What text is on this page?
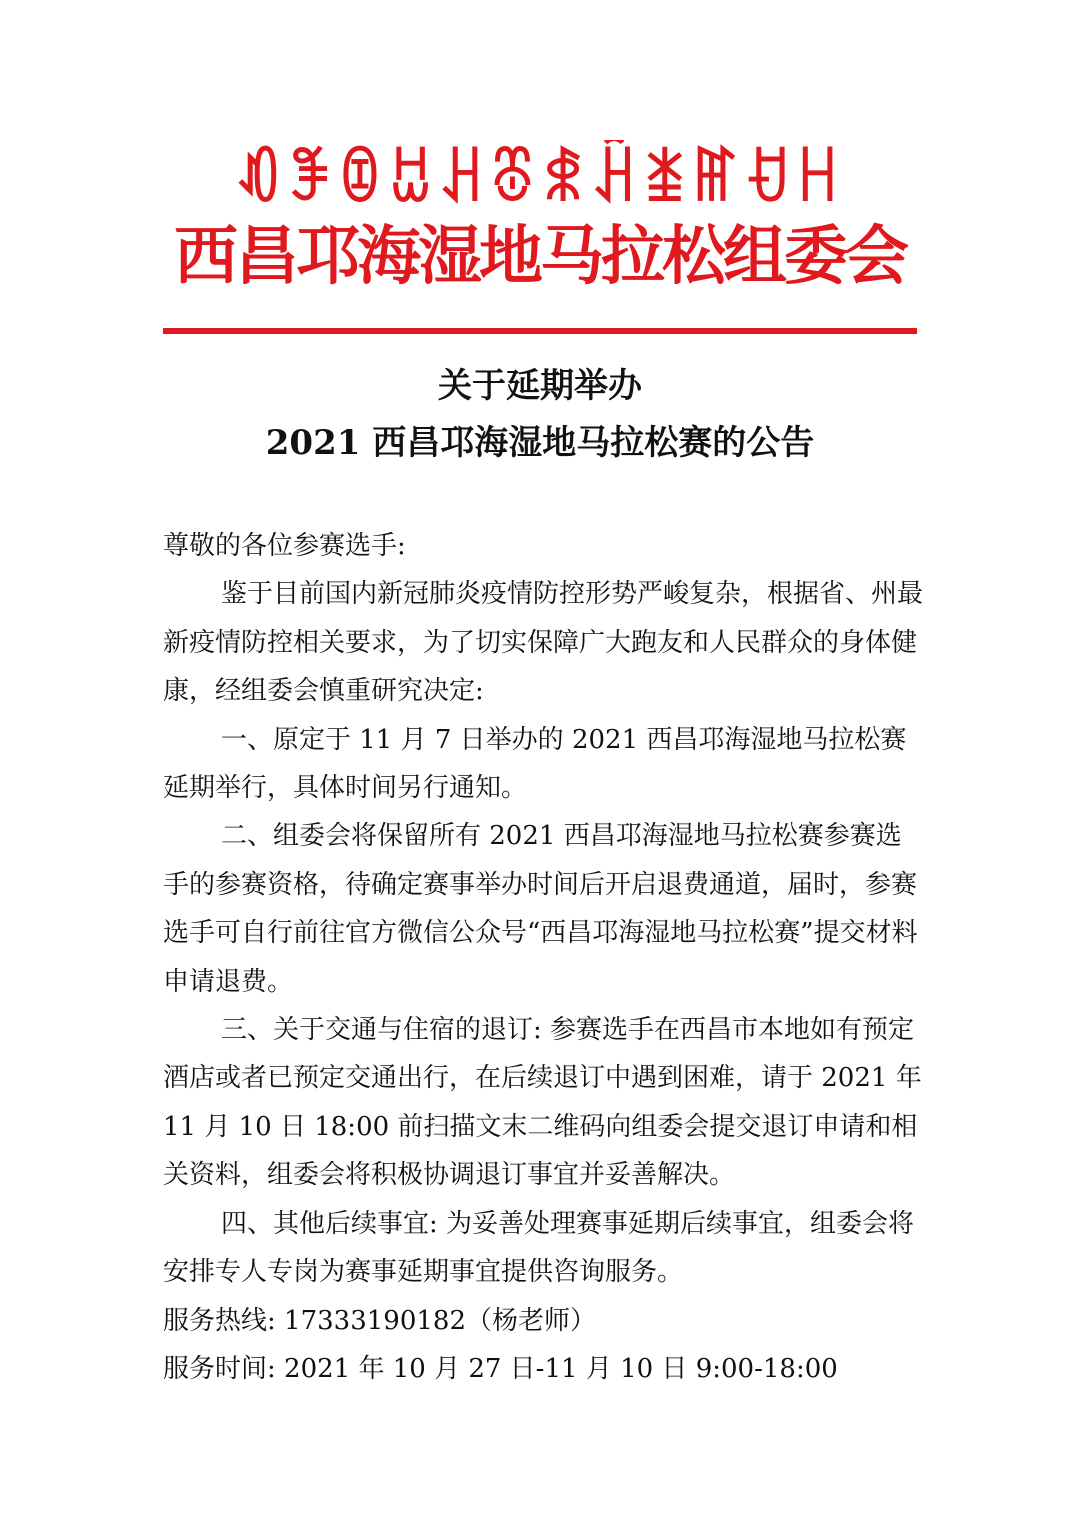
ꀒꊈꀧꀠꃅꁨꍣꃄꁧꂵꀀꀿ
西昌邛海湿地马拉松组委会
关于延期举办
2021 西昌邛海湿地马拉松赛的公告

尊敬的各位参赛选手:

鉴于目前国内新冠肺炎疫情防控形势严峻复杂，根据省、州最新疫情防控相关要求，为了切实保障广大跑友和人民群众的身体健康，经组委会慎重研究决定:

一、原定于 11 月 7 日举办的 2021 西昌邛海湿地马拉松赛延期举行，具体时间另行通知。

二、组委会将保留所有 2021 西昌邛海湿地马拉松赛参赛选手的参赛资格，待确定赛事举办时间后开启退费通道，届时，参赛选手可自行前往官方微信公众号“西昌邛海湿地马拉松赛”提交材料申请退费。

三、关于交通与住宿的退订: 参赛选手在西昌市本地如有预定酒店或者已预定交通出行，在后续退订中遇到困难，请于 2021 年 11 月 10 日 18:00 前扫描文末二维码向组委会提交退订申请和相关资料，组委会将积极协调退订事宜并妥善解决。

四、其他后续事宜: 为妥善处理赛事延期后续事宜，组委会将安排专人专岗为赛事延期事宜提供咨询服务。

服务热线: 17333190182（杨老师）

服务时间: 2021 年 10 月 27 日-11 月 10 日 9:00-18:00
